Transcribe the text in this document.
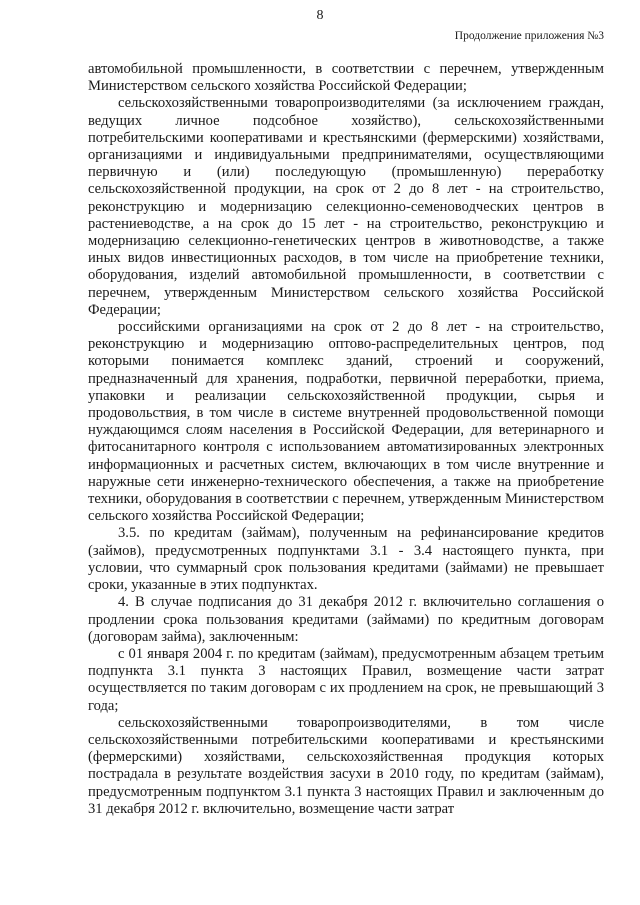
8
Продолжение приложения №3

автомобильной промышленности, в соответствии с перечнем, утвержденным Министерством сельского хозяйства Российской Федерации;

сельскохозяйственными товаропроизводителями (за исключением граждан, ведущих личное подсобное хозяйство), сельскохозяйственными потребительскими кооперативами и крестьянскими (фермерскими) хозяйствами, организациями и индивидуальными предпринимателями, осуществляющими первичную и (или) последующую (промышленную) переработку сельскохозяйственной продукции, на срок от 2 до 8 лет - на строительство, реконструкцию и модернизацию селекционно-семеноводческих центров в растениеводстве, а на срок до 15 лет - на строительство, реконструкцию и модернизацию селекционно-генетических центров в животноводстве, а также иных видов инвестиционных расходов, в том числе на приобретение техники, оборудования, изделий автомобильной промышленности, в соответствии с перечнем, утвержденным Министерством сельского хозяйства Российской Федерации;

российскими организациями на срок от 2 до 8 лет - на строительство, реконструкцию и модернизацию оптово-распределительных центров, под которыми понимается комплекс зданий, строений и сооружений, предназначенный для хранения, подработки, первичной переработки, приема, упаковки и реализации сельскохозяйственной продукции, сырья и продовольствия, в том числе в системе внутренней продовольственной помощи нуждающимся слоям населения в Российской Федерации, для ветеринарного и фитосанитарного контроля с использованием автоматизированных электронных информационных и расчетных систем, включающих в том числе внутренние и наружные сети инженерно-технического обеспечения, а также на приобретение техники, оборудования в соответствии с перечнем, утвержденным Министерством сельского хозяйства Российской Федерации;

3.5. по кредитам (займам), полученным на рефинансирование кредитов (займов), предусмотренных подпунктами 3.1 - 3.4 настоящего пункта, при условии, что суммарный срок пользования кредитами (займами) не превышает сроки, указанные в этих подпунктах.

4. В случае подписания до 31 декабря 2012 г. включительно соглашения о продлении срока пользования кредитами (займами) по кредитным договорам (договорам займа), заключенным:

с 01 января 2004 г. по кредитам (займам), предусмотренным абзацем третьим подпункта 3.1 пункта 3 настоящих Правил, возмещение части затрат осуществляется по таким договорам с их продлением на срок, не превышающий 3 года;

сельскохозяйственными товаропроизводителями, в том числе сельскохозяйственными потребительскими кооперативами и крестьянскими (фермерскими) хозяйствами, сельскохозяйственная продукция которых пострадала в результате воздействия засухи в 2010 году, по кредитам (займам), предусмотренным подпунктом 3.1 пункта 3 настоящих Правил и заключенным до 31 декабря 2012 г. включительно, возмещение части затрат
